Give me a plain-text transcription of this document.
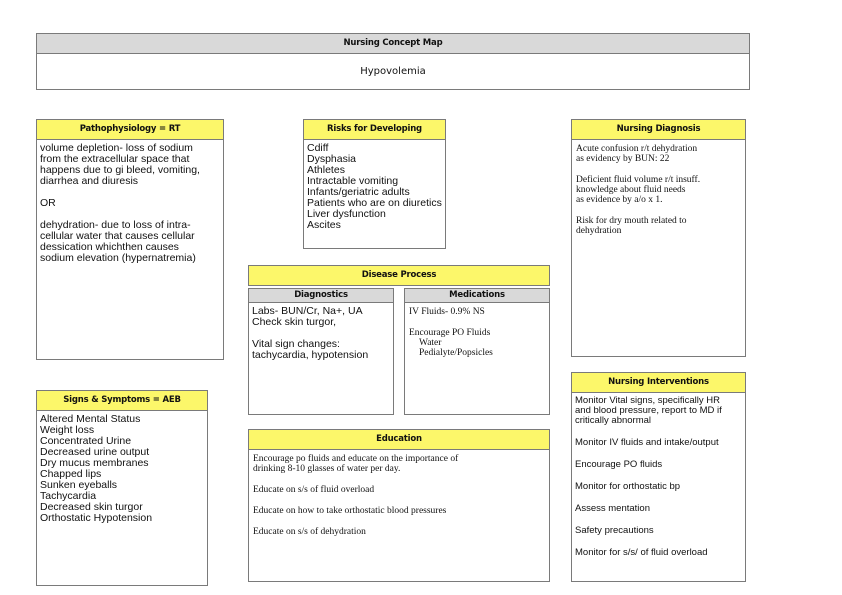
Nursing Concept Map
Hypovolemia
Pathophysiology = RT
volume depletion- loss of sodium
from the extracellular space that
happens due to gi bleed, vomiting,
diarrhea and diuresis
OR
dehydration- due to loss of intra-
cellular water that causes cellular
dessication whichthen causes
sodium elevation (hypernatremia)
Risks for Developing
Cdiff
Dysphasia
Athletes
Intractable vomiting
Infants/geriatric adults
Patients who are on diuretics
Liver dysfunction
Ascites
Nursing Diagnosis
Acute confusion r/t dehydration
as evidency by BUN: 22
Deficient fluid volume r/t insuff.
knowledge about fluid needs
as evidence by a/o x 1.
Risk for dry mouth related to
dehydration
Disease Process
Diagnostics
Labs- BUN/Cr, Na+, UA
Check skin turgor,
Vital sign changes:
tachycardia, hypotension
Medications
IV Fluids- 0.9% NS
Encourage PO Fluids
Water
Pedialyte/Popsicles
Signs & Symptoms = AEB
Altered Mental Status
Weight loss
Concentrated Urine
Decreased urine output
Dry mucus membranes
Chapped lips
Sunken eyeballs
Tachycardia
Decreased skin turgor
Orthostatic Hypotension
Education
Encourage po fluids and educate on the importance of
drinking 8-10 glasses of water per day.
Educate on s/s of fluid overload
Educate on how to take orthostatic blood pressures
Educate on s/s of dehydration
Nursing Interventions
Monitor Vital signs, specifically HR
and blood pressure, report to MD if
critically abnormal
Monitor IV fluids and intake/output
Encourage PO fluids
Monitor for orthostatic bp
Assess mentation
Safety precautions
Monitor for s/s/ of fluid overload
